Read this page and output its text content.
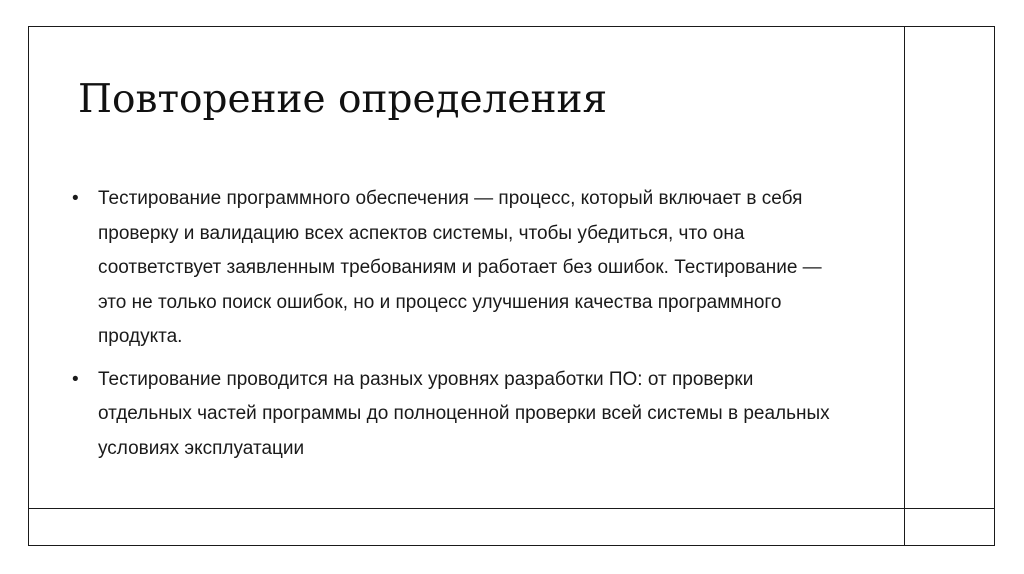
Повторение определения
• Тестирование программного обеспечения — процесс, который включает в себя проверку и валидацию всех аспектов системы, чтобы убедиться, что она соответствует заявленным требованиям и работает без ошибок. Тестирование — это не только поиск ошибок, но и процесс улучшения качества программного продукта.
• Тестирование проводится на разных уровнях разработки ПО: от проверки отдельных частей программы до полноценной проверки всей системы в реальных условиях эксплуатации
